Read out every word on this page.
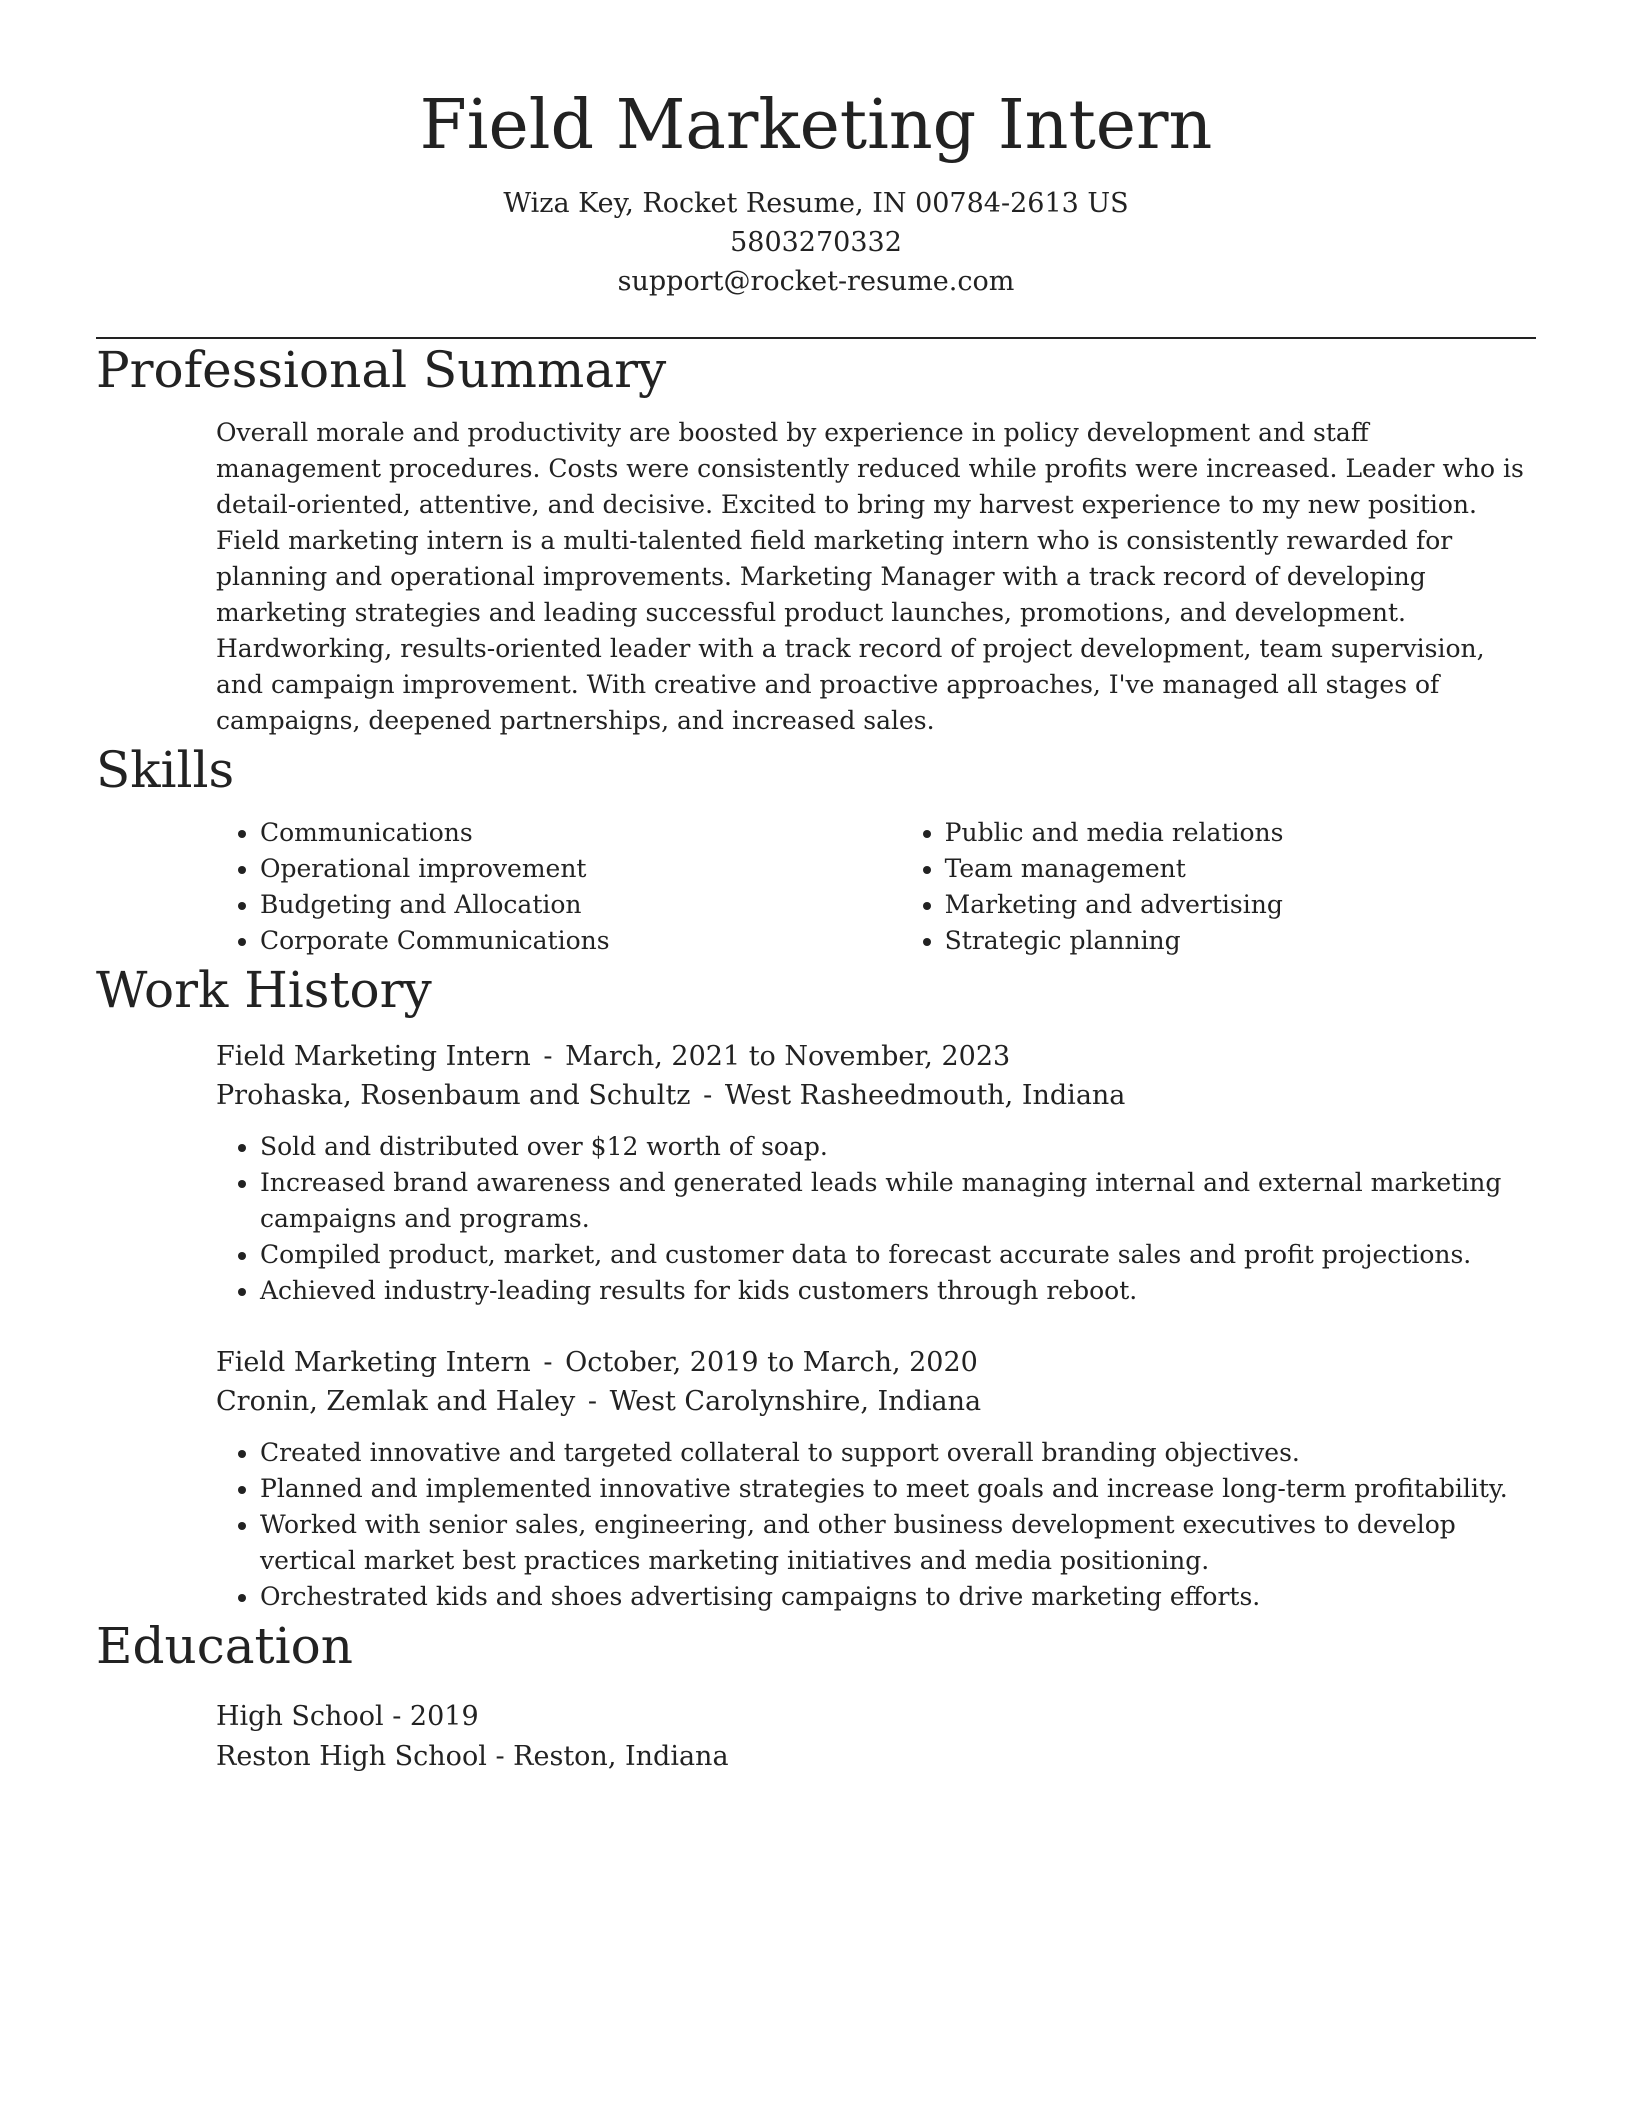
Field Marketing Intern
Wiza Key, Rocket Resume, IN 00784-2613 US
5803270332
support@rocket-resume.com
Professional Summary
Overall morale and productivity are boosted by experience in policy development and staff management procedures. Costs were consistently reduced while profits were increased. Leader who is detail-oriented, attentive, and decisive. Excited to bring my harvest experience to my new position. Field marketing intern is a multi-talented field marketing intern who is consistently rewarded for planning and operational improvements. Marketing Manager with a track record of developing marketing strategies and leading successful product launches, promotions, and development. Hardworking, results-oriented leader with a track record of project development, team supervision, and campaign improvement. With creative and proactive approaches, I've managed all stages of campaigns, deepened partnerships, and increased sales.
Skills
• Communications
• Operational improvement
• Budgeting and Allocation
• Corporate Communications
• Public and media relations
• Team management
• Marketing and advertising
• Strategic planning
Work History
Field Marketing Intern - March, 2021 to November, 2023
Prohaska, Rosenbaum and Schultz - West Rasheedmouth, Indiana
• Sold and distributed over $12 worth of soap.
• Increased brand awareness and generated leads while managing internal and external marketing campaigns and programs.
• Compiled product, market, and customer data to forecast accurate sales and profit projections.
• Achieved industry-leading results for kids customers through reboot.
Field Marketing Intern - October, 2019 to March, 2020
Cronin, Zemlak and Haley - West Carolynshire, Indiana
• Created innovative and targeted collateral to support overall branding objectives.
• Planned and implemented innovative strategies to meet goals and increase long-term profitability.
• Worked with senior sales, engineering, and other business development executives to develop vertical market best practices marketing initiatives and media positioning.
• Orchestrated kids and shoes advertising campaigns to drive marketing efforts.
Education
High School - 2019
Reston High School - Reston, Indiana
